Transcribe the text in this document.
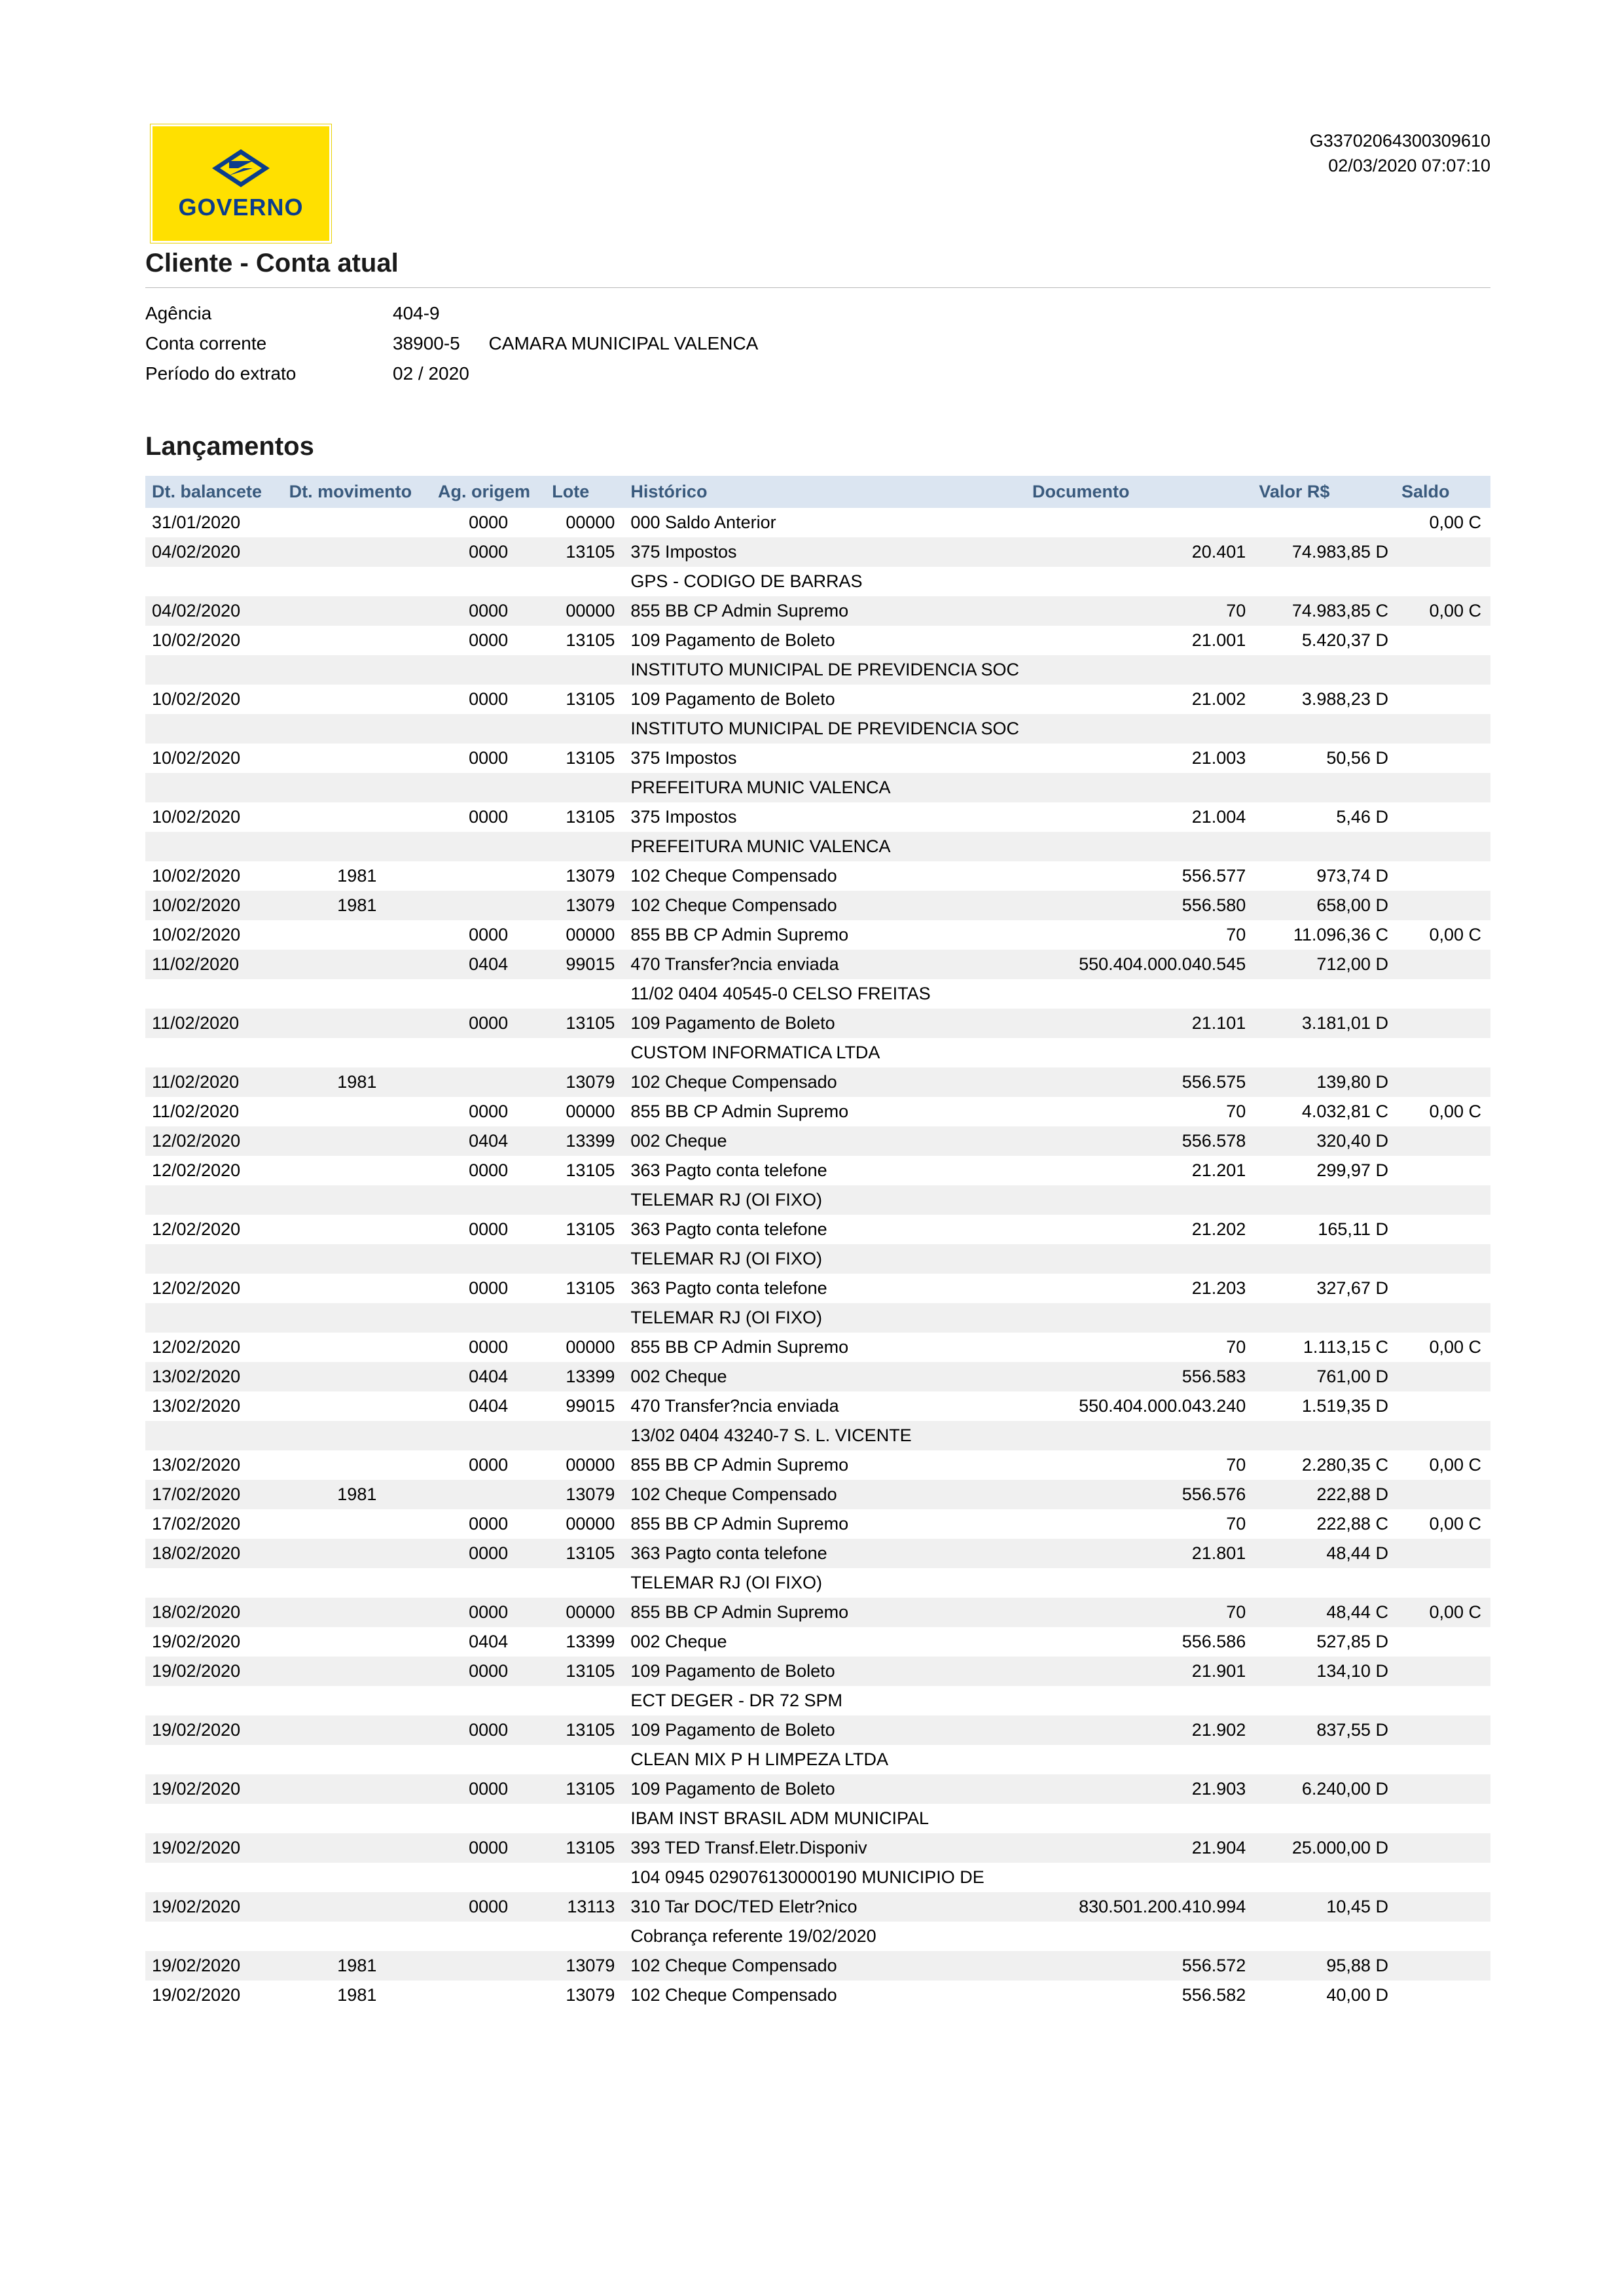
GOVERNO
G33702064300309610
02/03/2020 07:07:10
Cliente - Conta atual
Agência	404-9
Conta corrente	38900-5 CAMARA MUNICIPAL VALENCA
Período do extrato	02 / 2020
Lançamentos
Dt. balancete	Dt. movimento	Ag. origem	Lote	Histórico	Documento	Valor R$	Saldo
31/01/2020		0000	00000	000 Saldo Anterior			0,00 C
04/02/2020		0000	13105	375 Impostos	20.401	74.983,85 D	
				GPS - CODIGO DE BARRAS			
04/02/2020		0000	00000	855 BB CP Admin Supremo	70	74.983,85 C	0,00 C
10/02/2020		0000	13105	109 Pagamento de Boleto	21.001	5.420,37 D	
				INSTITUTO MUNICIPAL DE PREVIDENCIA SOC			
10/02/2020		0000	13105	109 Pagamento de Boleto	21.002	3.988,23 D	
				INSTITUTO MUNICIPAL DE PREVIDENCIA SOC			
10/02/2020		0000	13105	375 Impostos	21.003	50,56 D	
				PREFEITURA MUNIC VALENCA			
10/02/2020		0000	13105	375 Impostos	21.004	5,46 D	
				PREFEITURA MUNIC VALENCA			
10/02/2020	1981		13079	102 Cheque Compensado	556.577	973,74 D	
10/02/2020	1981		13079	102 Cheque Compensado	556.580	658,00 D	
10/02/2020		0000	00000	855 BB CP Admin Supremo	70	11.096,36 C	0,00 C
11/02/2020		0404	99015	470 Transfer?ncia enviada	550.404.000.040.545	712,00 D	
				11/02 0404 40545-0 CELSO FREITAS			
11/02/2020		0000	13105	109 Pagamento de Boleto	21.101	3.181,01 D	
				CUSTOM INFORMATICA LTDA			
11/02/2020	1981		13079	102 Cheque Compensado	556.575	139,80 D	
11/02/2020		0000	00000	855 BB CP Admin Supremo	70	4.032,81 C	0,00 C
12/02/2020		0404	13399	002 Cheque	556.578	320,40 D	
12/02/2020		0000	13105	363 Pagto conta telefone	21.201	299,97 D	
				TELEMAR RJ (OI FIXO)			
12/02/2020		0000	13105	363 Pagto conta telefone	21.202	165,11 D	
				TELEMAR RJ (OI FIXO)			
12/02/2020		0000	13105	363 Pagto conta telefone	21.203	327,67 D	
				TELEMAR RJ (OI FIXO)			
12/02/2020		0000	00000	855 BB CP Admin Supremo	70	1.113,15 C	0,00 C
13/02/2020		0404	13399	002 Cheque	556.583	761,00 D	
13/02/2020		0404	99015	470 Transfer?ncia enviada	550.404.000.043.240	1.519,35 D	
				13/02 0404 43240-7 S. L. VICENTE			
13/02/2020		0000	00000	855 BB CP Admin Supremo	70	2.280,35 C	0,00 C
17/02/2020	1981		13079	102 Cheque Compensado	556.576	222,88 D	
17/02/2020		0000	00000	855 BB CP Admin Supremo	70	222,88 C	0,00 C
18/02/2020		0000	13105	363 Pagto conta telefone	21.801	48,44 D	
				TELEMAR RJ (OI FIXO)			
18/02/2020		0000	00000	855 BB CP Admin Supremo	70	48,44 C	0,00 C
19/02/2020		0404	13399	002 Cheque	556.586	527,85 D	
19/02/2020		0000	13105	109 Pagamento de Boleto	21.901	134,10 D	
				ECT DEGER - DR 72 SPM			
19/02/2020		0000	13105	109 Pagamento de Boleto	21.902	837,55 D	
				CLEAN MIX P H LIMPEZA LTDA			
19/02/2020		0000	13105	109 Pagamento de Boleto	21.903	6.240,00 D	
				IBAM INST BRASIL ADM MUNICIPAL			
19/02/2020		0000	13105	393 TED Transf.Eletr.Disponiv	21.904	25.000,00 D	
				104 0945 029076130000190 MUNICIPIO DE			
19/02/2020		0000	13113	310 Tar DOC/TED Eletr?nico	830.501.200.410.994	10,45 D	
				Cobrança referente 19/02/2020			
19/02/2020	1981		13079	102 Cheque Compensado	556.572	95,88 D	
19/02/2020	1981		13079	102 Cheque Compensado	556.582	40,00 D	
